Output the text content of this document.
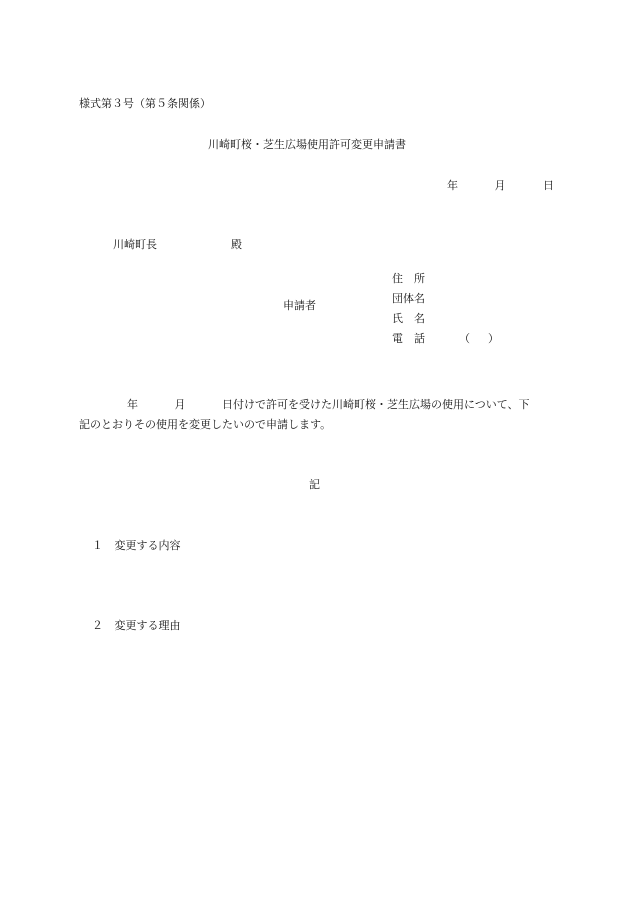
様式第３号（第５条関係）
川崎町桜・芝生広場使用許可変更申請書
年	月	日
川崎町長	殿
申請者
住　所
団体名
氏　名
電　話	（ ）
年	月	日付けで許可を受けた川崎町桜・芝生広場の使用について、下
記のとおりその使用を変更したいので申請します。
記
１ 変更する内容
２ 変更する理由
